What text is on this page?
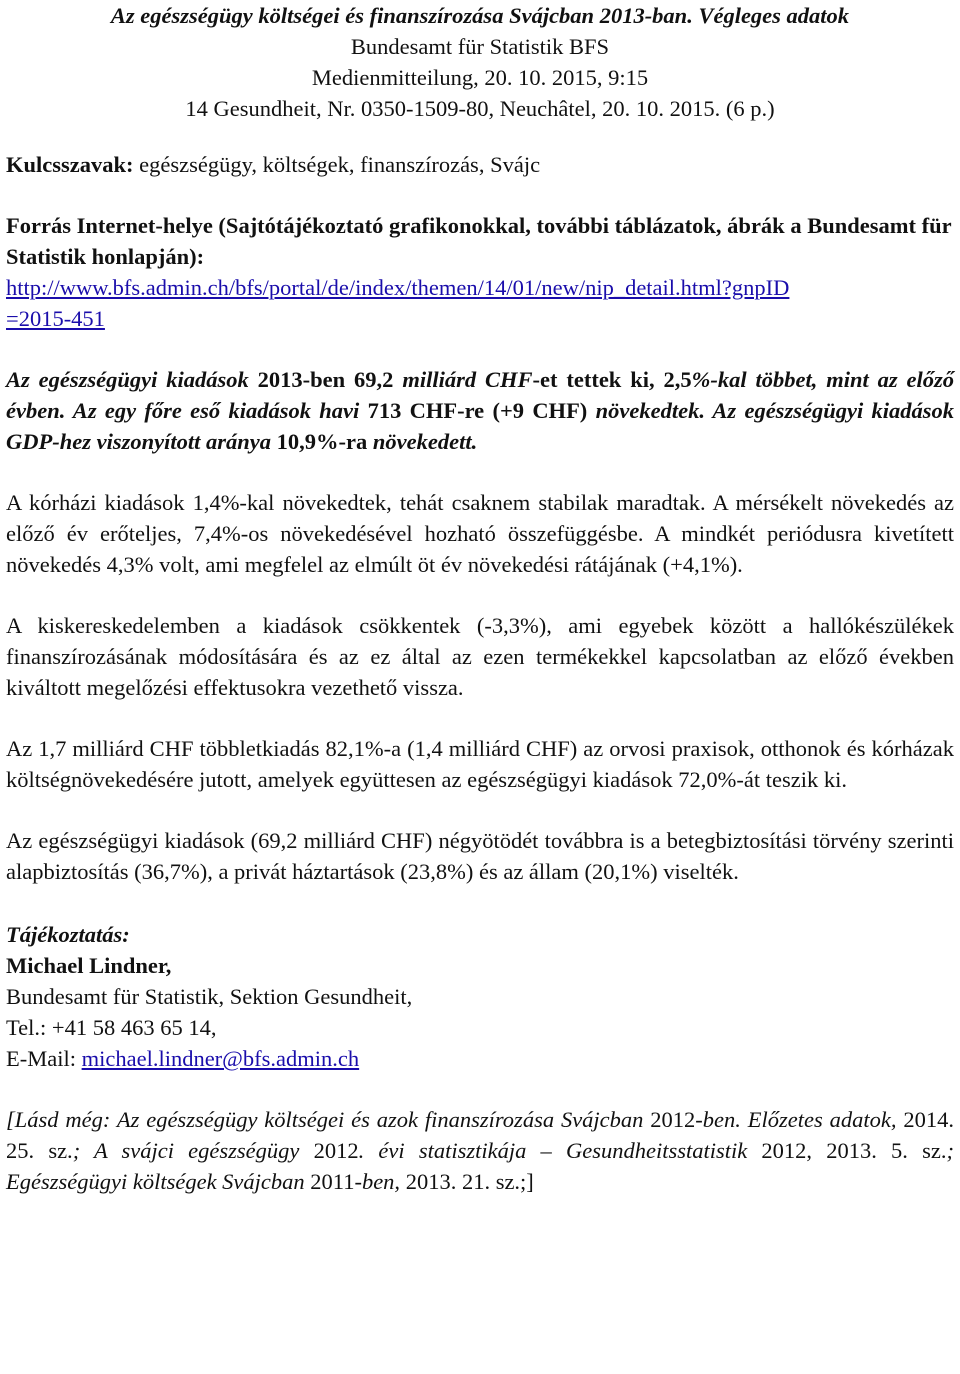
Az egészségügy költségei és finanszírozása Svájcban 2013-ban. Végleges adatok
Bundesamt für Statistik BFS
Medienmitteilung, 20. 10. 2015, 9:15
14 Gesundheit, Nr. 0350-1509-80, Neuchâtel, 20. 10. 2015. (6 p.)

Kulcsszavak: egészségügy, költségek, finanszírozás, Svájc

Forrás Internet-helye (Sajtótájékoztató grafikonokkal, további táblázatok, ábrák a Bundesamt für Statistik honlapján):
http://www.bfs.admin.ch/bfs/portal/de/index/themen/14/01/new/nip_detail.html?gnpID
=2015-451

Az egészségügyi kiadások 2013-ben 69,2 milliárd CHF-et tettek ki, 2,5%-kal többet, mint az előző évben. Az egy főre eső kiadások havi 713 CHF-re (+9 CHF) növekedtek. Az egészségügyi kiadások GDP-hez viszonyított aránya 10,9%-ra növekedett.

A kórházi kiadások 1,4%-kal növekedtek, tehát csaknem stabilak maradtak. A mérsékelt növekedés az előző év erőteljes, 7,4%-os növekedésével hozható összefüggésbe. A mindkét periódusra kivetített növekedés 4,3% volt, ami megfelel az elmúlt öt év növekedési rátájának (+4,1%).

A kiskereskedelemben a kiadások csökkentek (-3,3%), ami egyebek között a hallókészülékek finanszírozásának módosítására és az ez által az ezen termékekkel kapcsolatban az előző években kiváltott megelőzési effektusokra vezethető vissza.

Az 1,7 milliárd CHF többletkiadás 82,1%-a (1,4 milliárd CHF) az orvosi praxisok, otthonok és kórházak költségnövekedésére jutott, amelyek együttesen az egészségügyi kiadások 72,0%-át teszik ki.

Az egészségügyi kiadások (69,2 milliárd CHF) négyötödét továbbra is a betegbiztosítási törvény szerinti alapbiztosítás (36,7%), a privát háztartások (23,8%) és az állam (20,1%) viselték.

Tájékoztatás:
Michael Lindner,
Bundesamt für Statistik, Sektion Gesundheit,
Tel.: +41 58 463 65 14,
E-Mail: michael.lindner@bfs.admin.ch

[Lásd még: Az egészségügy költségei és azok finanszírozása Svájcban 2012-ben. Előzetes adatok, 2014. 25. sz.; A svájci egészségügy 2012. évi statisztikája – Gesundheitsstatistik 2012, 2013. 5. sz.; Egészségügyi költségek Svájcban 2011-ben, 2013. 21. sz.;]
